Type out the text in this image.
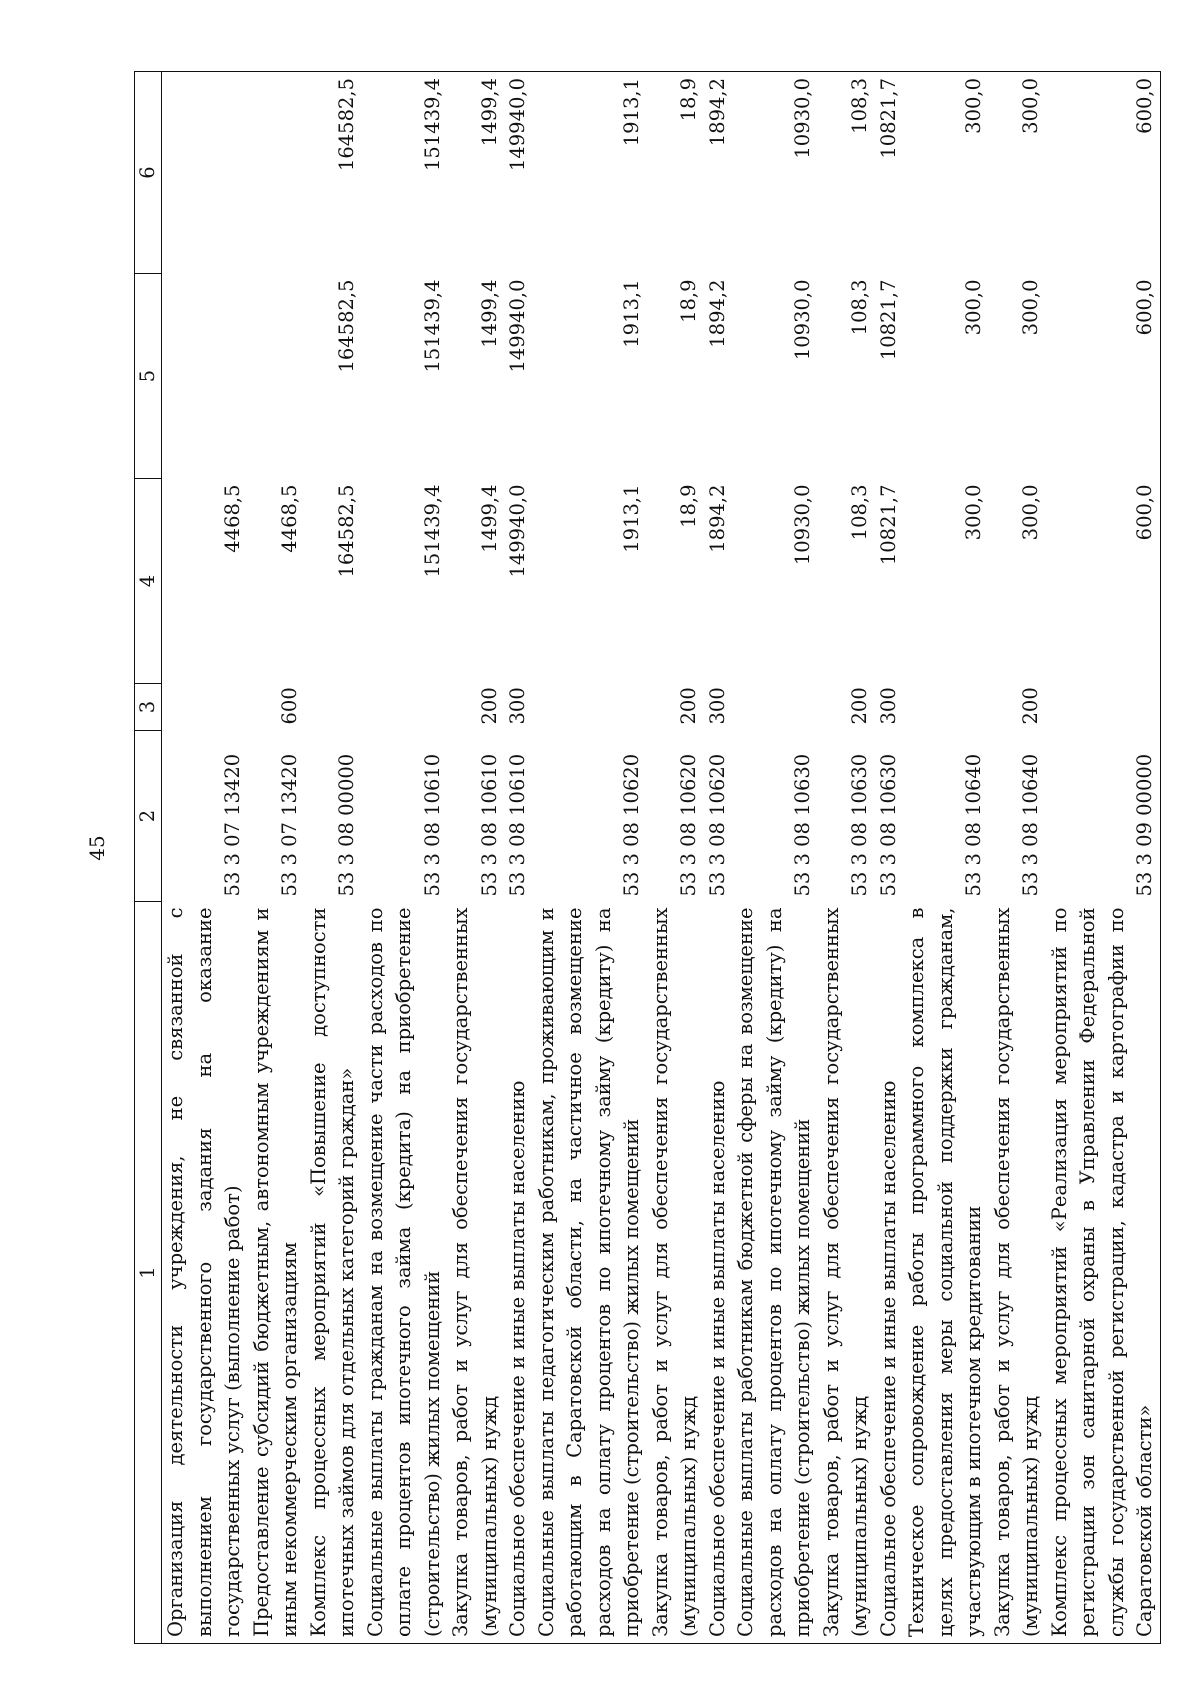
45
1	2	3	4	5	6
Организация деятельности учреждения, не связанной с выполнением государственного задания на оказание государственных услуг (выполнение работ)	53 3 07 13420		4468,5		
Предоставление субсидий бюджетным, автономным учреждениям и иным некоммерческим организациям	53 3 07 13420	600	4468,5		
Комплекс процессных мероприятий «Повышение доступности ипотечных займов для отдельных категорий граждан»	53 3 08 00000		164582,5	164582,5	164582,5
Социальные выплаты гражданам на возмещение части расходов по оплате процентов ипотечного займа (кредита) на приобретение (строительство) жилых помещений	53 3 08 10610		151439,4	151439,4	151439,4
Закупка товаров, работ и услуг для обеспечения государственных (муниципальных) нужд	53 3 08 10610	200	1499,4	1499,4	1499,4
Социальное обеспечение и иные выплаты населению	53 3 08 10610	300	149940,0	149940,0	149940,0
Социальные выплаты педагогическим работникам, проживающим и работающим в Саратовской области, на частичное возмещение расходов на оплату процентов по ипотечному займу (кредиту) на приобретение (строительство) жилых помещений	53 3 08 10620		1913,1	1913,1	1913,1
Закупка товаров, работ и услуг для обеспечения государственных (муниципальных) нужд	53 3 08 10620	200	18,9	18,9	18,9
Социальное обеспечение и иные выплаты населению	53 3 08 10620	300	1894,2	1894,2	1894,2
Социальные выплаты работникам бюджетной сферы на возмещение расходов на оплату процентов по ипотечному займу (кредиту) на приобретение (строительство) жилых помещений	53 3 08 10630		10930,0	10930,0	10930,0
Закупка товаров, работ и услуг для обеспечения государственных (муниципальных) нужд	53 3 08 10630	200	108,3	108,3	108,3
Социальное обеспечение и иные выплаты населению	53 3 08 10630	300	10821,7	10821,7	10821,7
Техническое сопровождение работы программного комплекса в целях предоставления меры социальной поддержки гражданам, участвующим в ипотечном кредитовании	53 3 08 10640		300,0	300,0	300,0
Закупка товаров, работ и услуг для обеспечения государственных (муниципальных) нужд	53 3 08 10640	200	300,0	300,0	300,0
Комплекс процессных мероприятий «Реализация мероприятий по регистрации зон санитарной охраны в Управлении Федеральной службы государственной регистрации, кадастра и картографии по Саратовской области»	53 3 09 00000		600,0	600,0	600,0
